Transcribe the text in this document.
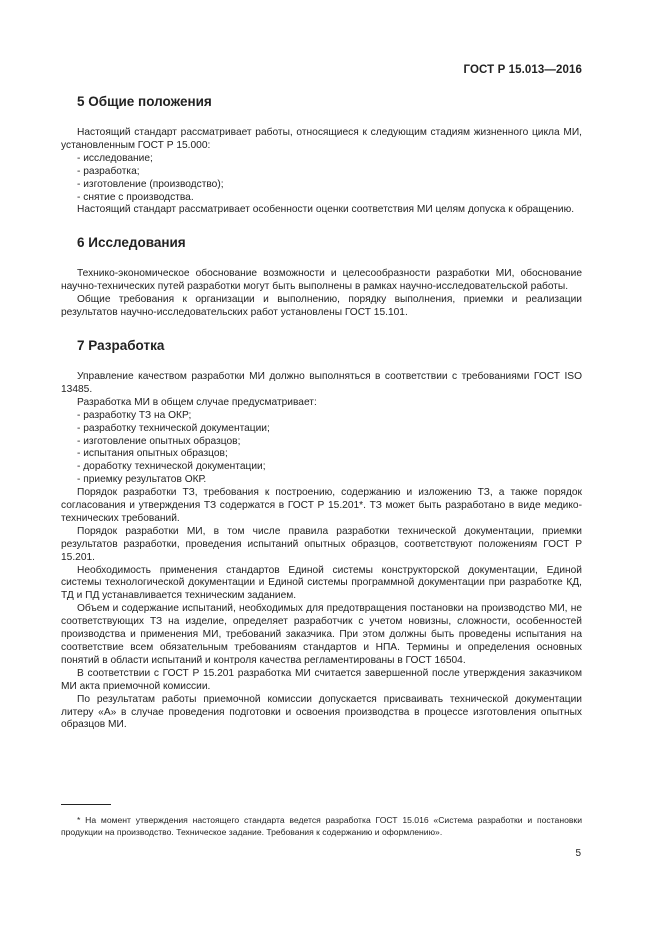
ГОСТ Р 15.013—2016
5 Общие положения

Настоящий стандарт рассматривает работы, относящиеся к следующим стадиям жизненного цикла МИ, установленным ГОСТ Р 15.000:

- исследование;

- разработка;

- изготовление (производство);

- снятие с производства.

Настоящий стандарт рассматривает особенности оценки соответствия МИ целям допуска к обращению.

6 Исследования

Технико-экономическое обоснование возможности и целесообразности разработки МИ, обоснование научно-технических путей разработки могут быть выполнены в рамках научно-исследовательской работы.

Общие требования к организации и выполнению, порядку выполнения, приемки и реализации результатов научно-исследовательских работ установлены ГОСТ 15.101.

7 Разработка

Управление качеством разработки МИ должно выполняться в соответствии с требованиями ГОСТ ISO 13485.

Разработка МИ в общем случае предусматривает:

- разработку ТЗ на ОКР;

- разработку технической документации;

- изготовление опытных образцов;

- испытания опытных образцов;

- доработку технической документации;

- приемку результатов ОКР.

Порядок разработки ТЗ, требования к построению, содержанию и изложению ТЗ, а также порядок согласования и утверждения ТЗ содержатся в ГОСТ Р 15.201*. ТЗ может быть разработано в виде медико-технических требований.

Порядок разработки МИ, в том числе правила разработки технической документации, приемки результатов разработки, проведения испытаний опытных образцов, соответствуют положениям ГОСТ Р 15.201.

Необходимость применения стандартов Единой системы конструкторской документации, Единой системы технологической документации и Единой системы программной документации при разработке КД, ТД и ПД устанавливается техническим заданием.

Объем и содержание испытаний, необходимых для предотвращения постановки на производство МИ, не соответствующих ТЗ на изделие, определяет разработчик с учетом новизны, сложности, особенностей производства и применения МИ, требований заказчика. При этом должны быть проведены испытания на соответствие всем обязательным требованиям стандартов и НПА. Термины и определения основных понятий в области испытаний и контроля качества регламентированы в ГОСТ 16504.

В соответствии с ГОСТ Р 15.201 разработка МИ считается завершенной после утверждения заказчиком МИ акта приемочной комиссии.

По результатам работы приемочной комиссии допускается присваивать технической документации литеру «А» в случае проведения подготовки и освоения производства в процессе изготовления опытных образцов МИ.

* На момент утверждения настоящего стандарта ведется разработка ГОСТ 15.016 «Система разработки и постановки продукции на производство. Техническое задание. Требования к содержанию и оформлению».
5
